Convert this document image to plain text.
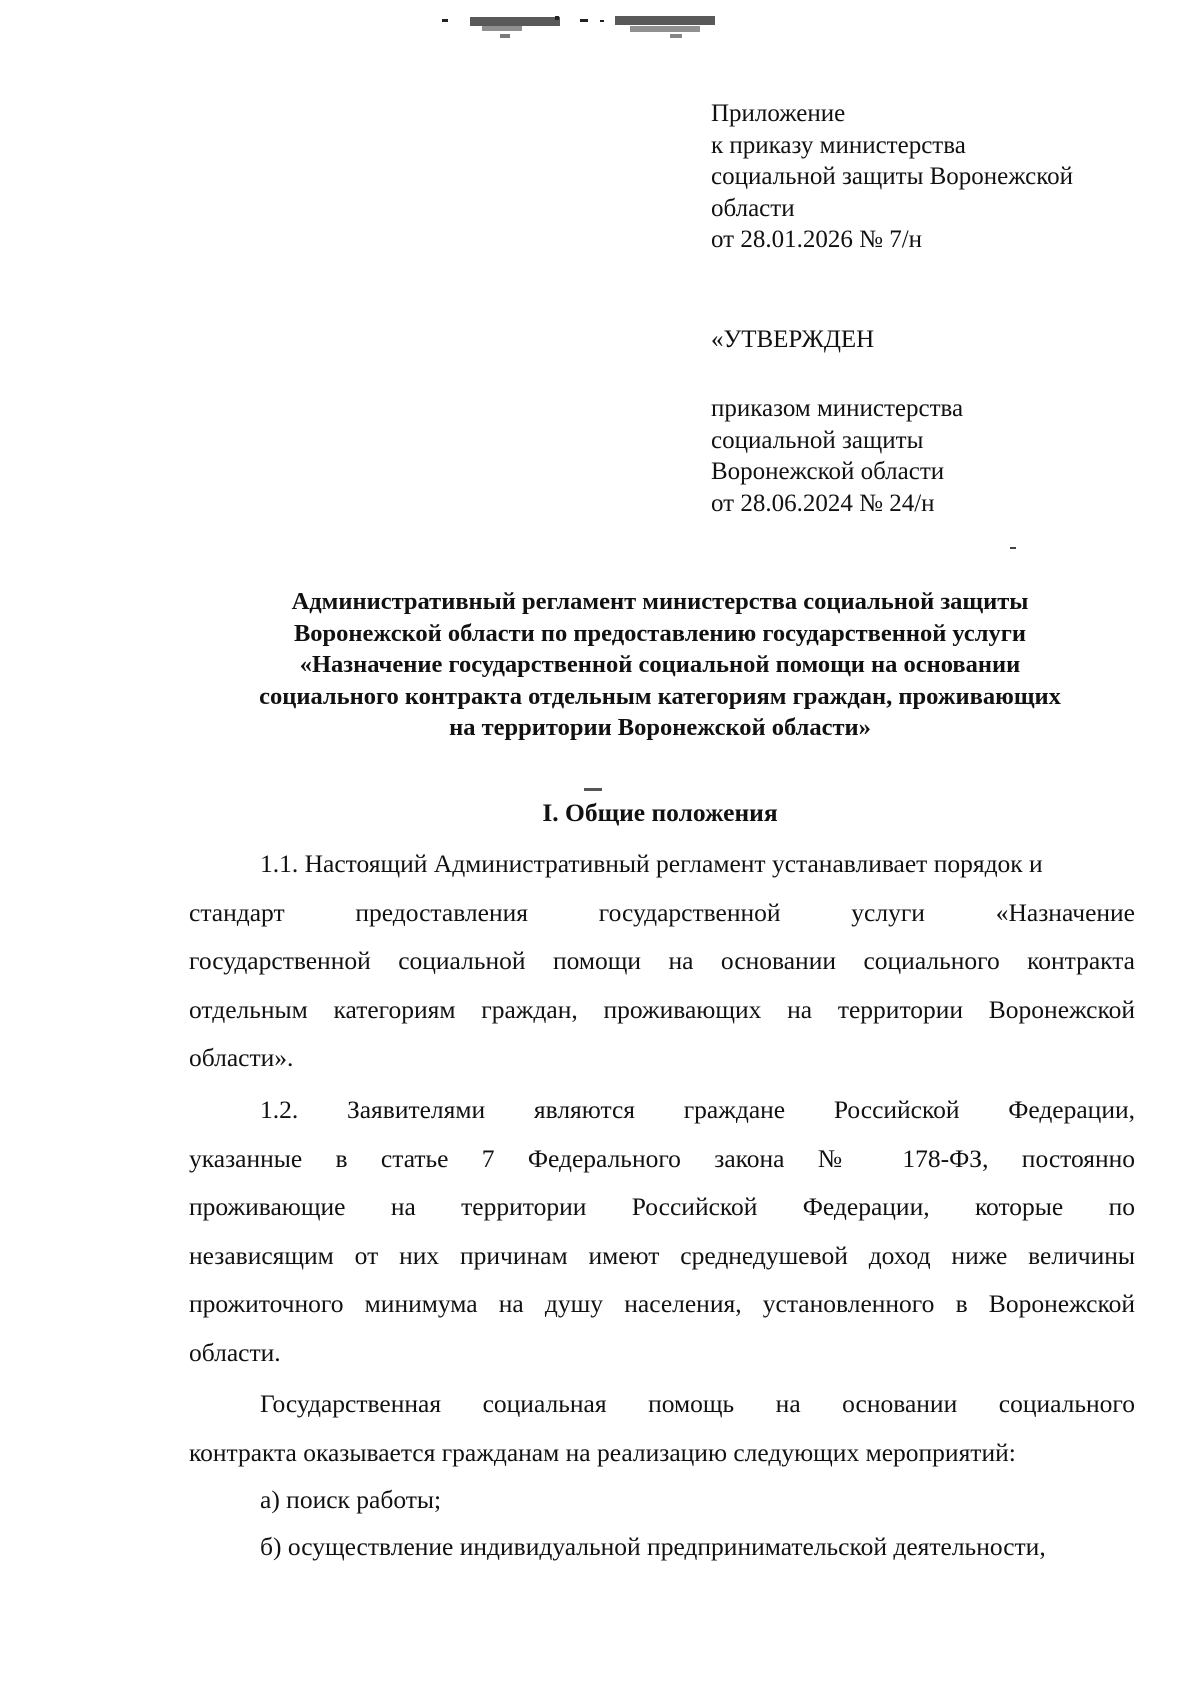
Приложение
к приказу министерства
социальной защиты Воронежской
области
от 28.01.2026 № 7/н
«УТВЕРЖДЕН
приказом министерства
социальной защиты
Воронежской области
от 28.06.2024 № 24/н
Административный регламент министерства социальной защиты
Воронежской области по предоставлению государственной услуги
«Назначение государственной социальной помощи на основании
социального контракта отдельным категориям граждан, проживающих
на территории Воронежской области»
I. Общие положения
1.1. Настоящий Административный регламент устанавливает порядок и
стандарт предоставления государственной услуги «Назначение
государственной социальной помощи на основании социального контракта
отдельным категориям граждан, проживающих на территории Воронежской
области».
1.2. Заявителями являются граждане Российской Федерации,
указанные в статье 7 Федерального закона № 178-ФЗ, постоянно
проживающие на территории Российской Федерации, которые по
независящим от них причинам имеют среднедушевой доход ниже величины
прожиточного минимума на душу населения, установленного в Воронежской
области.
Государственная социальная помощь на основании социального
контракта оказывается гражданам на реализацию следующих мероприятий:
а) поиск работы;
б) осуществление индивидуальной предпринимательской деятельности,
